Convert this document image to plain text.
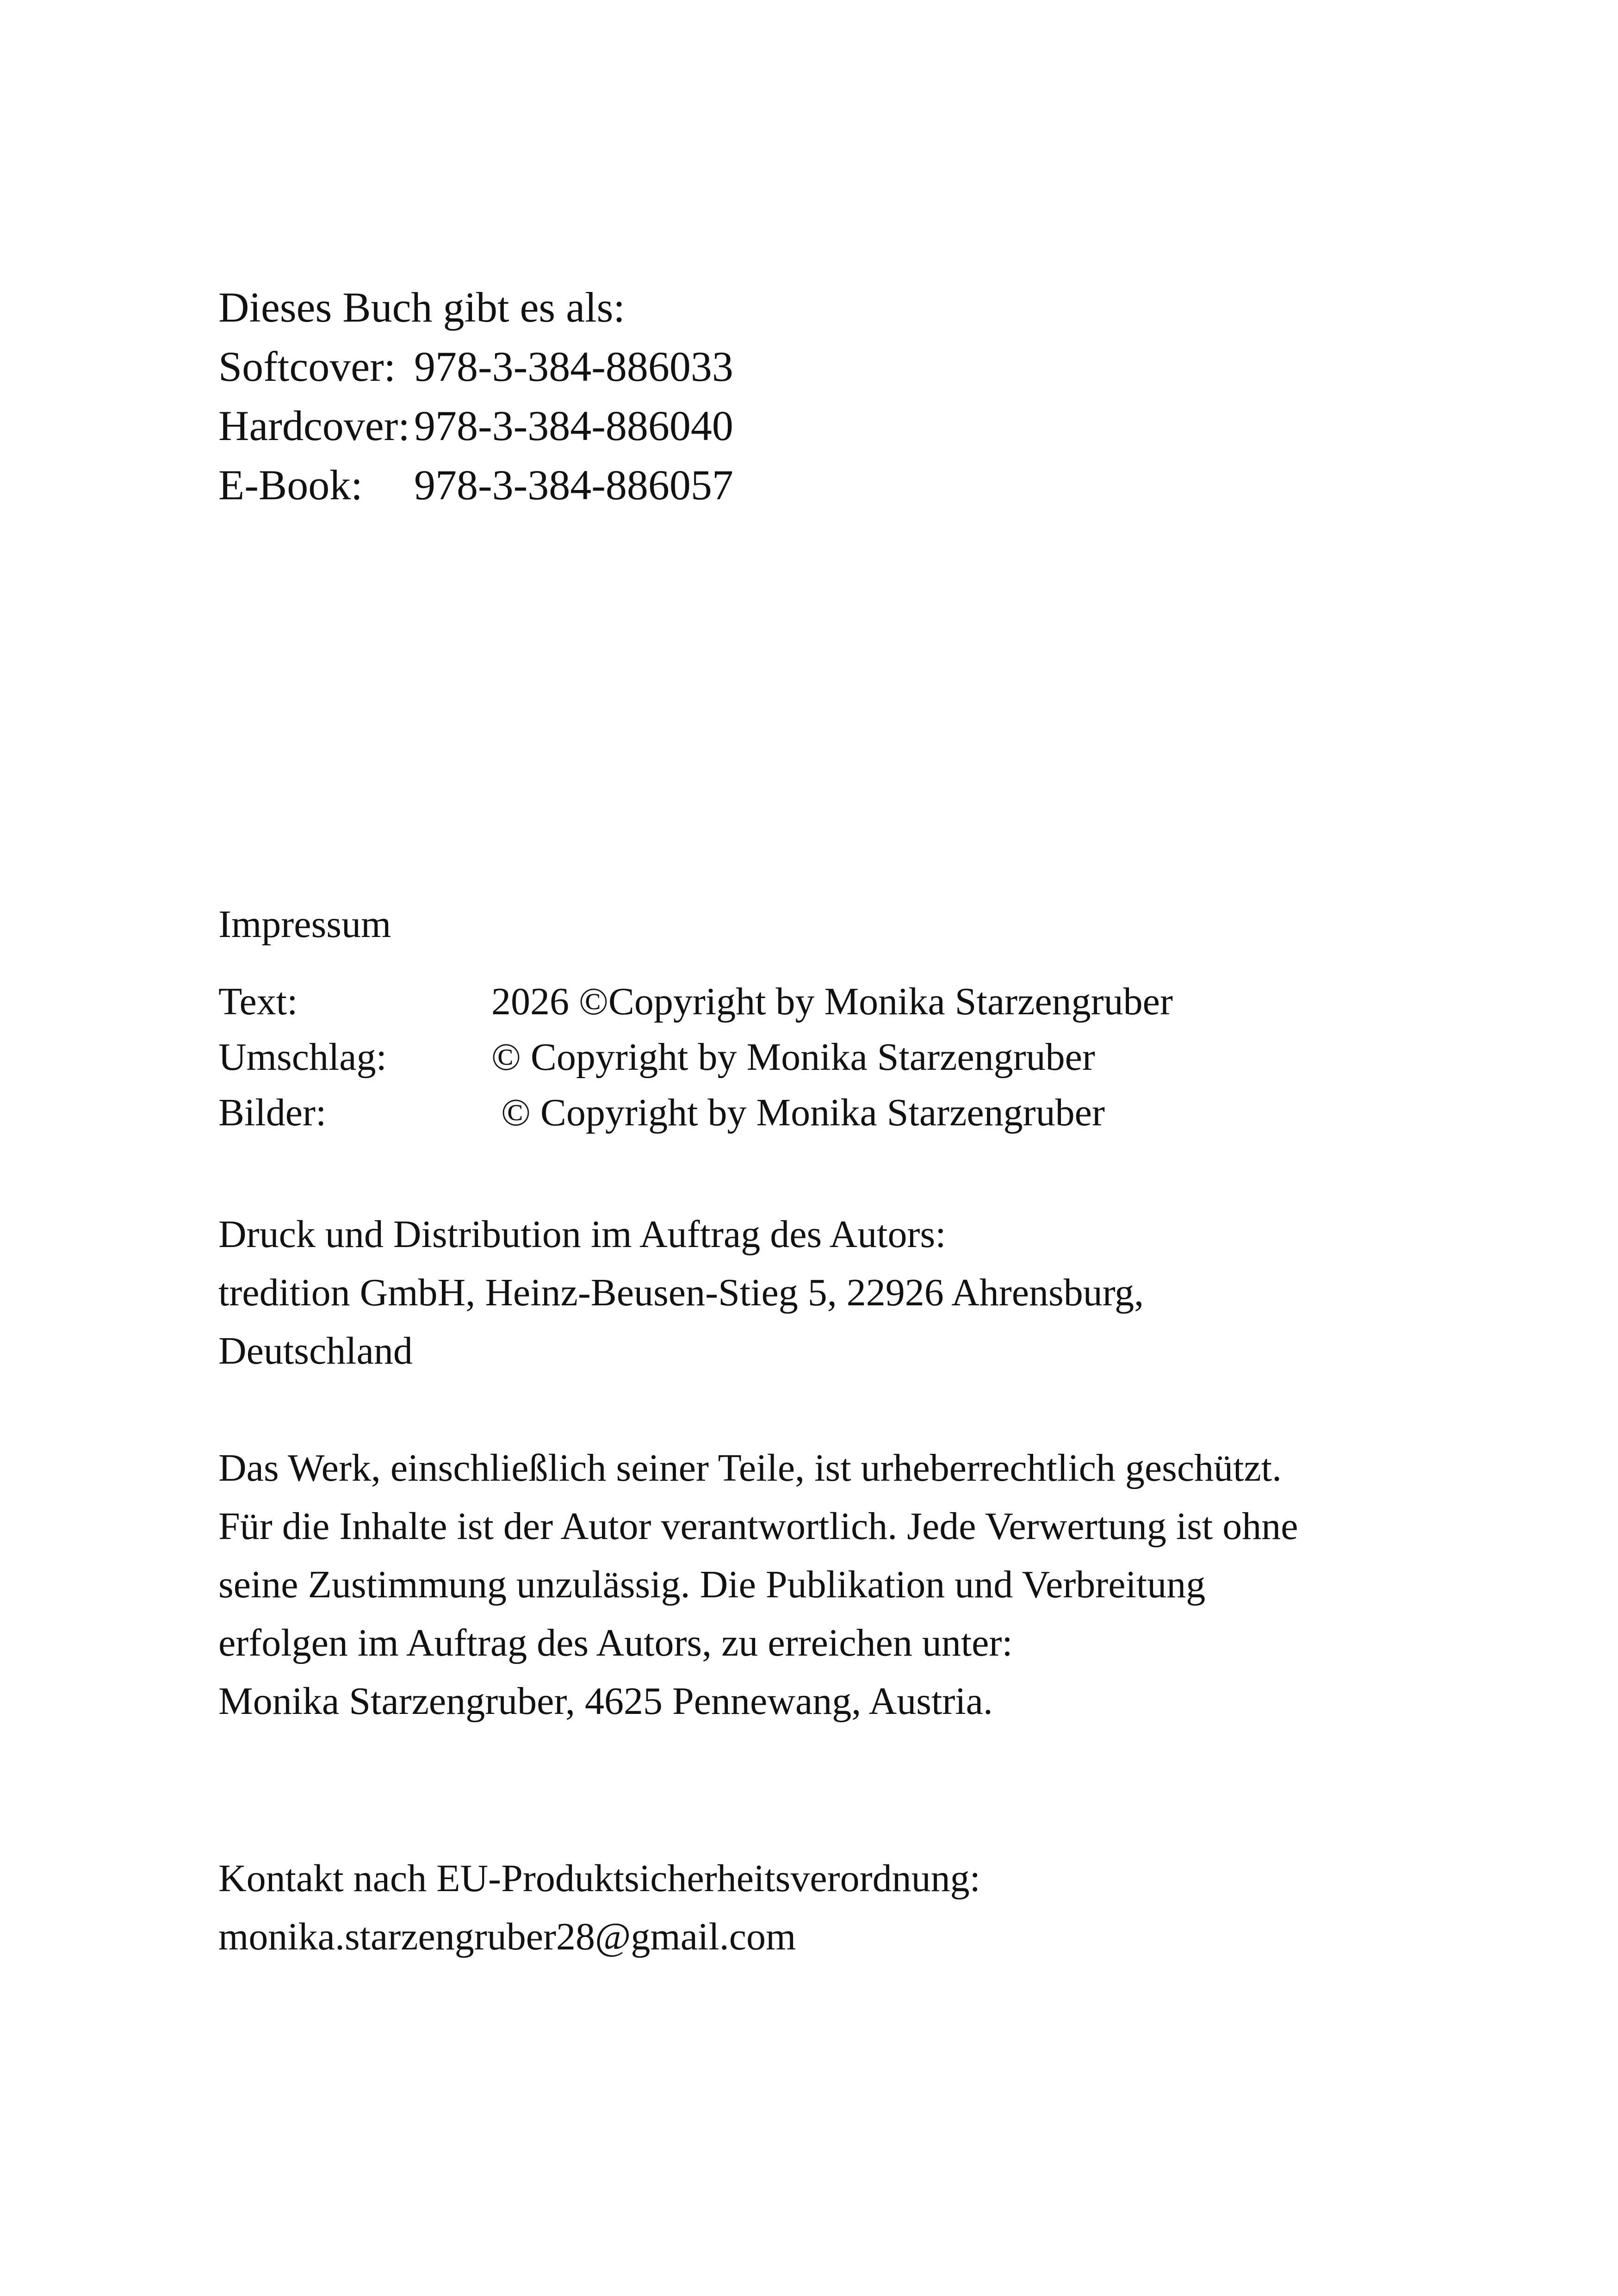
Dieses Buch gibt es als:
Softcover: 978-3-384-886033
Hardcover: 978-3-384-886040
E-Book:	978-3-384-886057
Impressum
Text:	2026 ©Copyright by Monika Starzengruber
Umschlag:	© Copyright by Monika Starzengruber
Bilder:	© Copyright by Monika Starzengruber
Druck und Distribution im Auftrag des Autors:
tredition GmbH, Heinz-Beusen-Stieg 5, 22926 Ahrensburg,
Deutschland
Das Werk, einschließlich seiner Teile, ist urheberrechtlich geschützt.
Für die Inhalte ist der Autor verantwortlich. Jede Verwertung ist ohne
seine Zustimmung unzulässig. Die Publikation und Verbreitung
erfolgen im Auftrag des Autors, zu erreichen unter:
Monika Starzengruber, 4625 Pennewang, Austria.
Kontakt nach EU-Produktsicherheitsverordnung:
monika.starzengruber28@gmail.com
